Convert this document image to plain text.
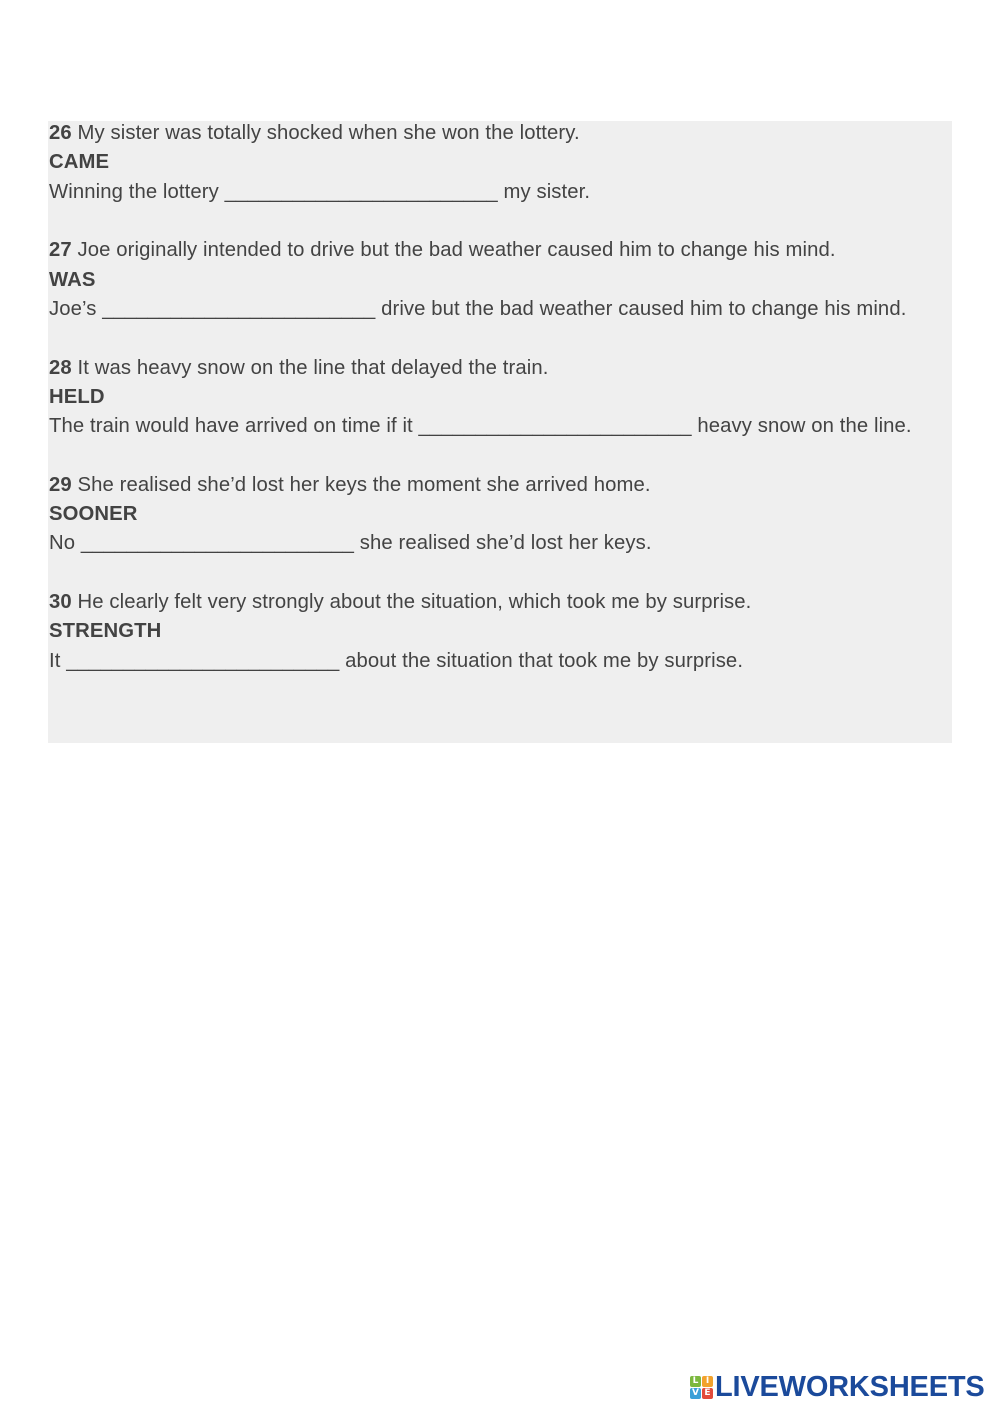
26 My sister was totally shocked when she won the lottery.
CAME
Winning the lottery ________________________ my sister.
27 Joe originally intended to drive but the bad weather caused him to change his mind.
WAS
Joe’s ________________________ drive but the bad weather caused him to change his mind.
28 It was heavy snow on the line that delayed the train.
HELD
The train would have arrived on time if it ________________________ heavy snow on the line.
29 She realised she’d lost her keys the moment she arrived home.
SOONER
No ________________________ she realised she’d lost her keys.
30 He clearly felt very strongly about the situation, which took me by surprise.
STRENGTH
It ________________________ about the situation that took me by surprise.
L I
V E LIVEWORKSHEETS
